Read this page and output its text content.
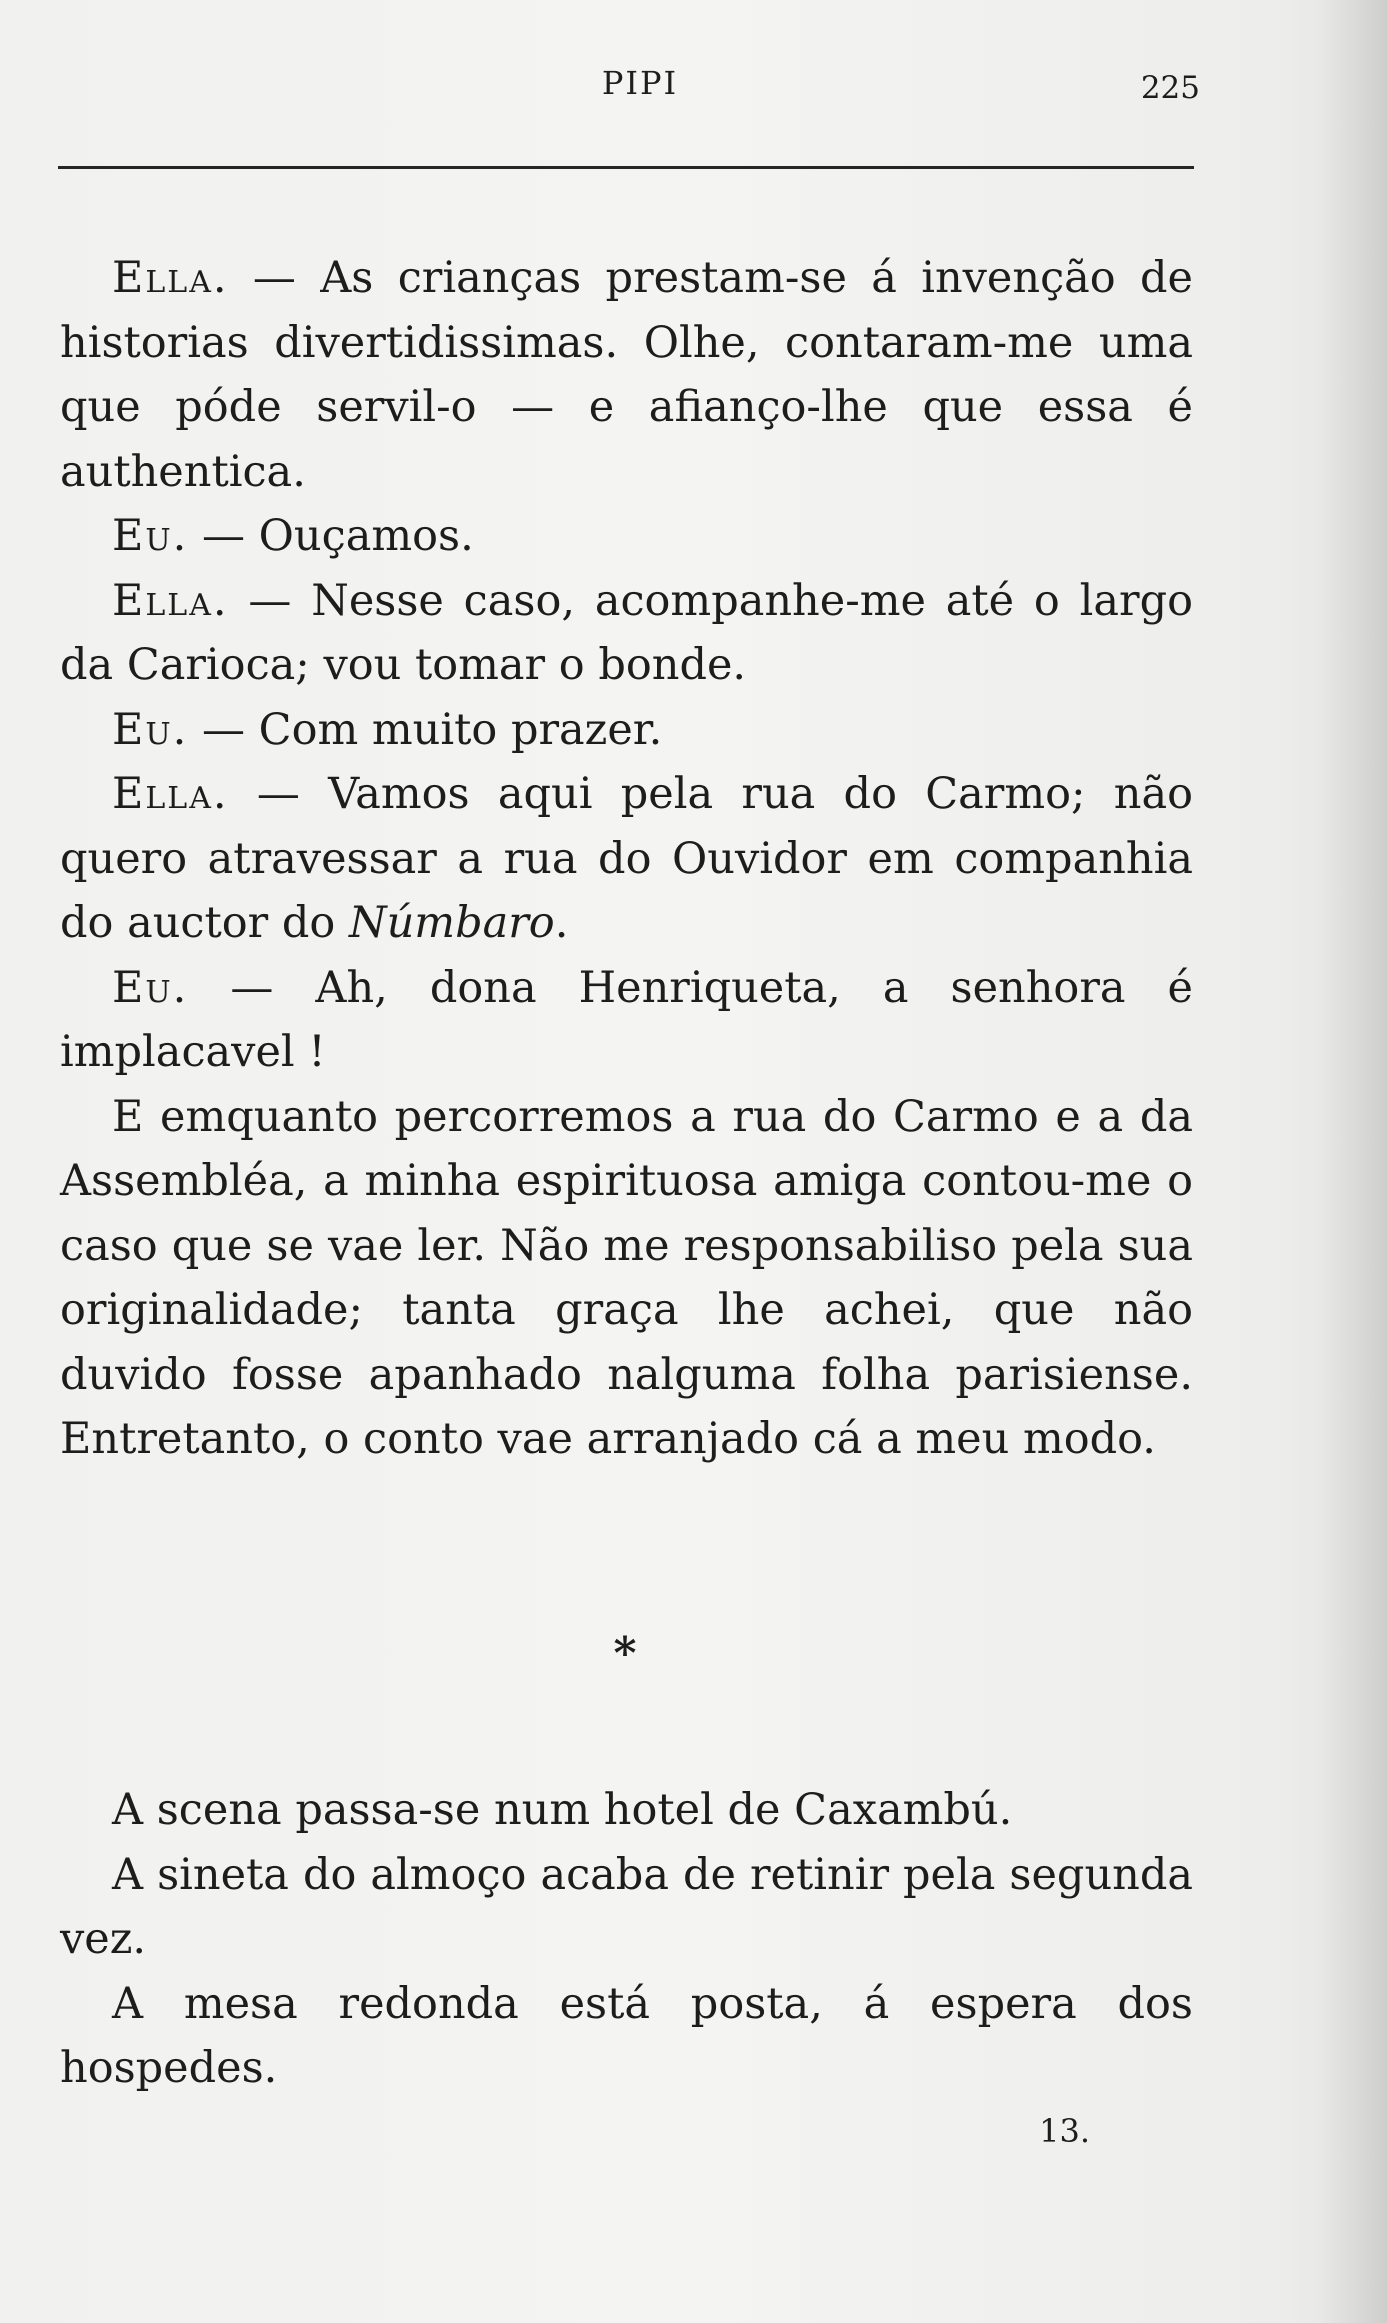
PIPI	225

Ella. — As crianças prestam-se á invenção de historias divertidissimas. Olhe, contaram-me uma que póde servil-o — e afianço-lhe que essa é authentica.

Eu. — Ouçamos.

Ella. — Nesse caso, acompanhe-me até o largo da Carioca; vou tomar o bonde.

Eu. — Com muito prazer.

Ella. — Vamos aqui pela rua do Carmo; não quero atravessar a rua do Ouvidor em companhia do auctor do Númbaro.

Eu. — Ah, dona Henriqueta, a senhora é implacavel !

E emquanto percorremos a rua do Carmo e a da Assembléa, a minha espirituosa amiga contou-me o caso que se vae ler. Não me responsabiliso pela sua originalidade; tanta graça lhe achei, que não duvido fosse apanhado nalguma folha parisiense. Entretanto, o conto vae arranjado cá a meu modo.

*

A scena passa-se num hotel de Caxambú.

A sineta do almoço acaba de retinir pela segunda vez.

A mesa redonda está posta, á espera dos hospedes.

13.
